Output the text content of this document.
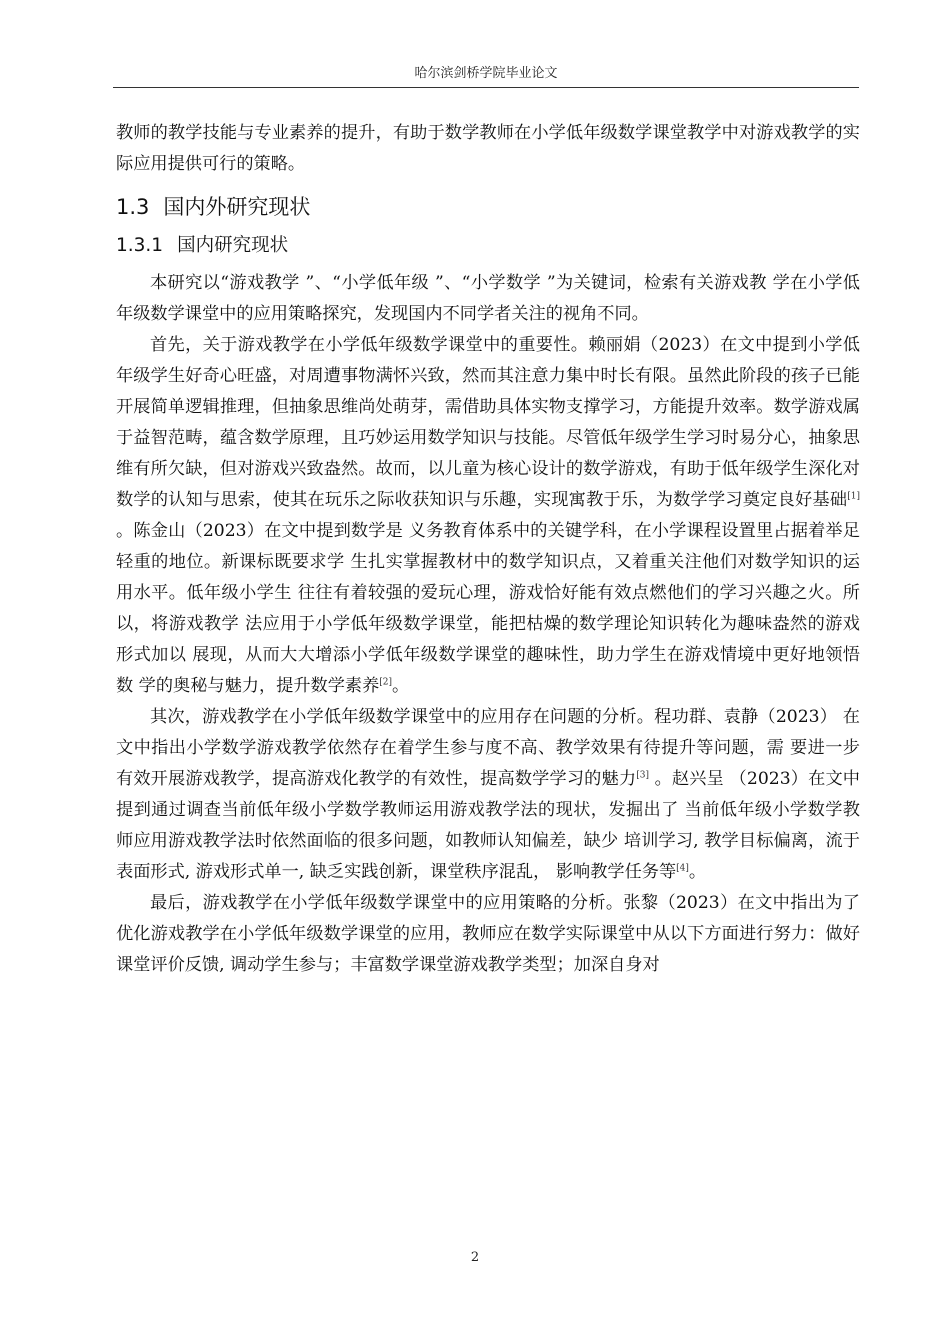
哈尔滨剑桥学院毕业论文

教师的教学技能与专业素养的提升，有助于数学教师在小学低年级数学课堂教学中对游戏教学的实际应用提供可行的策略。

1.3 国内外研究现状
1.3.1 国内研究现状

本研究以“游戏教学 ”、“小学低年级 ”、“小学数学 ”为关键词，检索有关游戏教 学在小学低年级数学课堂中的应用策略探究，发现国内不同学者关注的视角不同。

首先，关于游戏教学在小学低年级数学课堂中的重要性。赖丽娟（2023）在文中提到小学低年级学生好奇心旺盛，对周遭事物满怀兴致，然而其注意力集中时长有限。虽然此阶段的孩子已能开展简单逻辑推理，但抽象思维尚处萌芽，需借助具体实物支撑学习，方能提升效率。数学游戏属于益智范畴，蕴含数学原理，且巧妙运用数学知识与技能。尽管低年级学生学习时易分心，抽象思维有所欠缺，但对游戏兴致盎然。故而，以儿童为核心设计的数学游戏，有助于低年级学生深化对数学的认知与思索，使其在玩乐之际收获知识与乐趣，实现寓教于乐，为数学学习奠定良好基础[1] 。陈金山（2023）在文中提到数学是 义务教育体系中的关键学科，在小学课程设置里占据着举足轻重的地位。新课标既要求学 生扎实掌握教材中的数学知识点，又着重关注他们对数学知识的运用水平。低年级小学生 往往有着较强的爱玩心理，游戏恰好能有效点燃他们的学习兴趣之火。所以，将游戏教学 法应用于小学低年级数学课堂，能把枯燥的数学理论知识转化为趣味盎然的游戏形式加以 展现，从而大大增添小学低年级数学课堂的趣味性，助力学生在游戏情境中更好地领悟数 学的奥秘与魅力，提升数学素养[2]。

其次，游戏教学在小学低年级数学课堂中的应用存在问题的分析。程功群、袁静（2023） 在文中指出小学数学游戏教学依然存在着学生参与度不高、教学效果有待提升等问题，需 要进一步有效开展游戏教学，提高游戏化教学的有效性，提高数学学习的魅力[3] 。赵兴呈 （2023）在文中提到通过调查当前低年级小学数学教师运用游戏教学法的现状，发掘出了 当前低年级小学数学教师应用游戏教学法时依然面临的很多问题，如教师认知偏差，缺少 培训学习, 教学目标偏离，流于表面形式, 游戏形式单一, 缺乏实践创新，课堂秩序混乱， 影响教学任务等[4]。

最后，游戏教学在小学低年级数学课堂中的应用策略的分析。张黎（2023）在文中指出为了优化游戏教学在小学低年级数学课堂的应用，教师应在数学实际课堂中从以下方面进行努力：做好课堂评价反馈, 调动学生参与；丰富数学课堂游戏教学类型；加深自身对

2
